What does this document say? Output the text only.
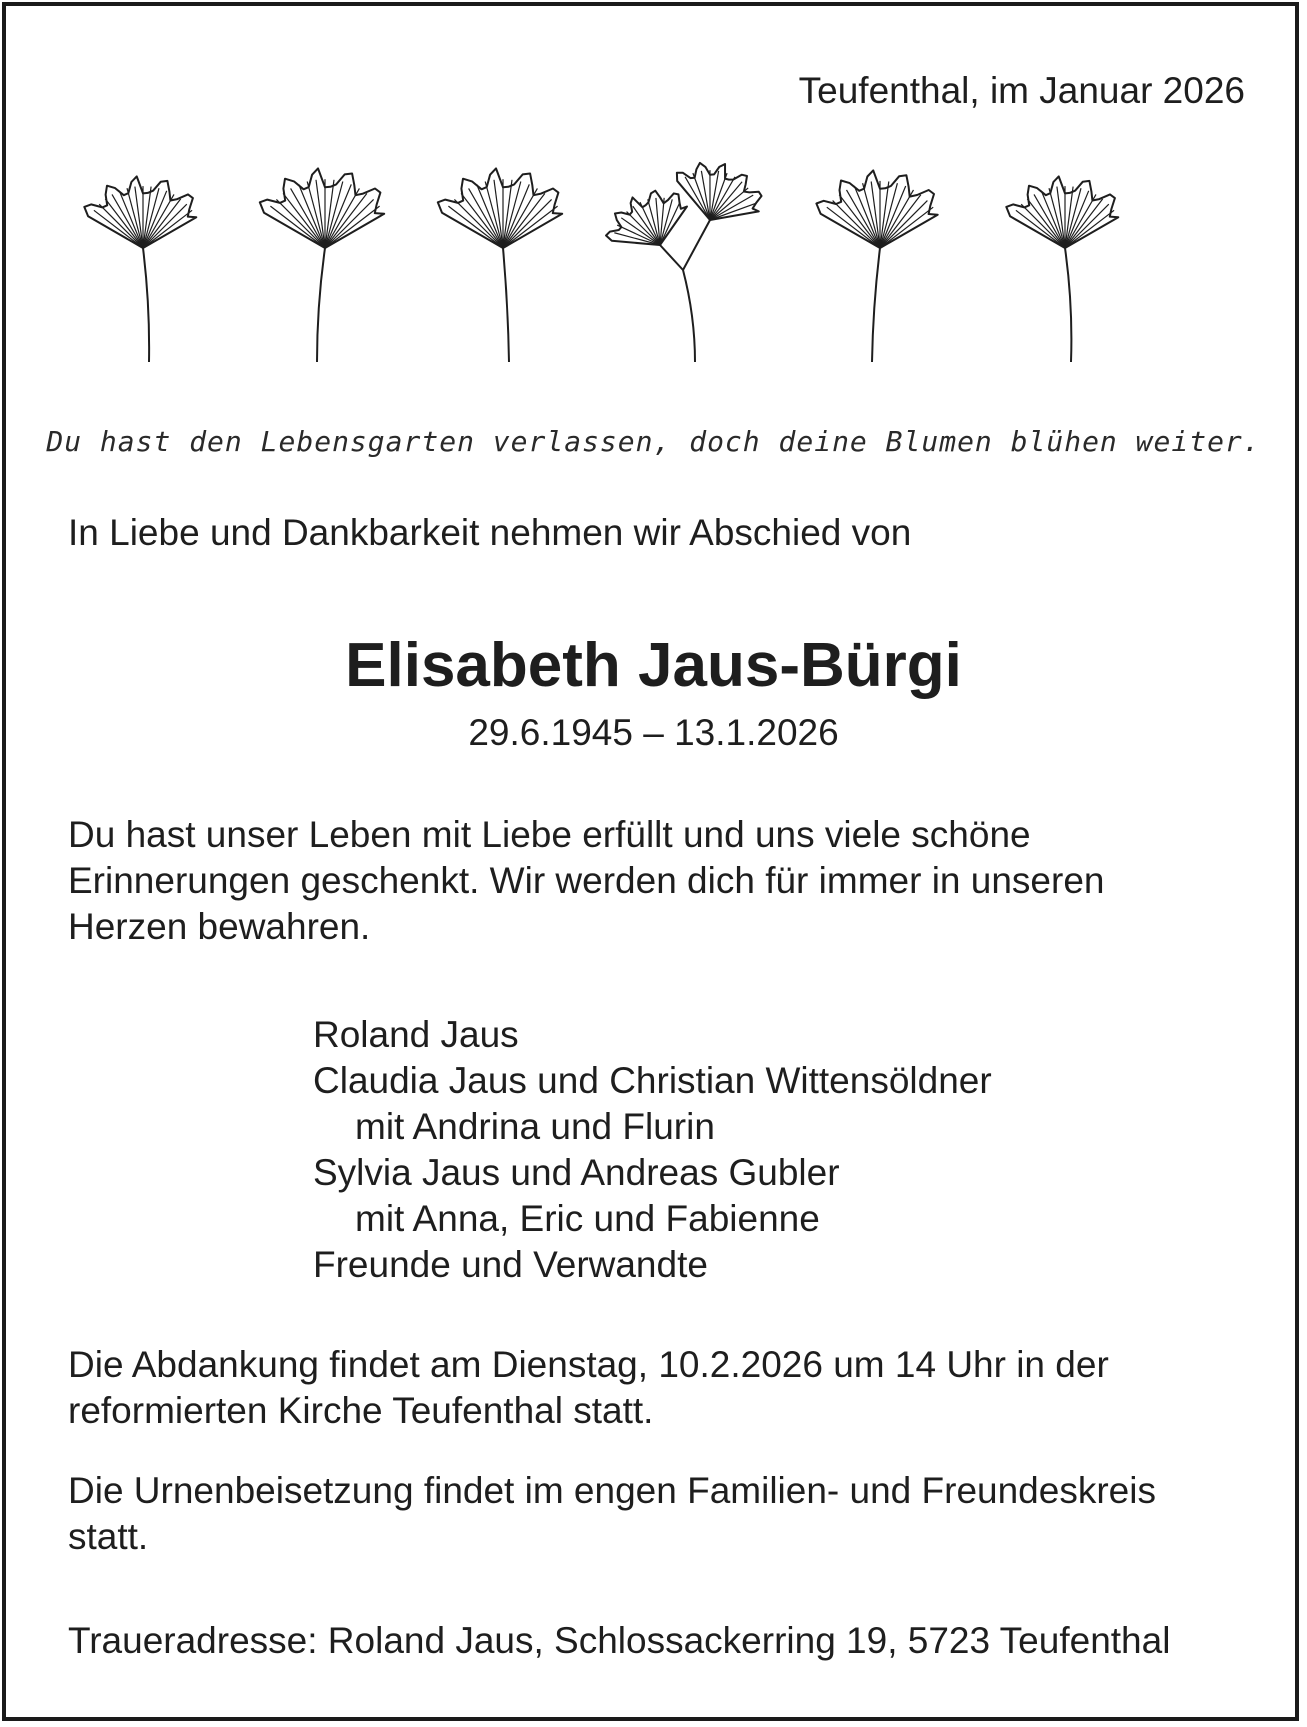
Teufenthal, im Januar 2026
Du hast den Lebensgarten verlassen, doch deine Blumen blühen weiter.
In Liebe und Dankbarkeit nehmen wir Abschied von
Elisabeth Jaus-Bürgi
29.6.1945 – 13.1.2026
Du hast unser Leben mit Liebe erfüllt und uns viele schöne
Erinnerungen geschenkt. Wir werden dich für immer in unseren
Herzen bewahren.
Roland Jaus
Claudia Jaus und Christian Wittensöldner
mit Andrina und Flurin
Sylvia Jaus und Andreas Gubler
mit Anna, Eric und Fabienne
Freunde und Verwandte
Die Abdankung findet am Dienstag, 10.2.2026 um 14 Uhr in der
reformierten Kirche Teufenthal statt.
Die Urnenbeisetzung findet im engen Familien- und Freundeskreis
statt.
Traueradresse: Roland Jaus, Schlossackerring 19, 5723 Teufenthal
